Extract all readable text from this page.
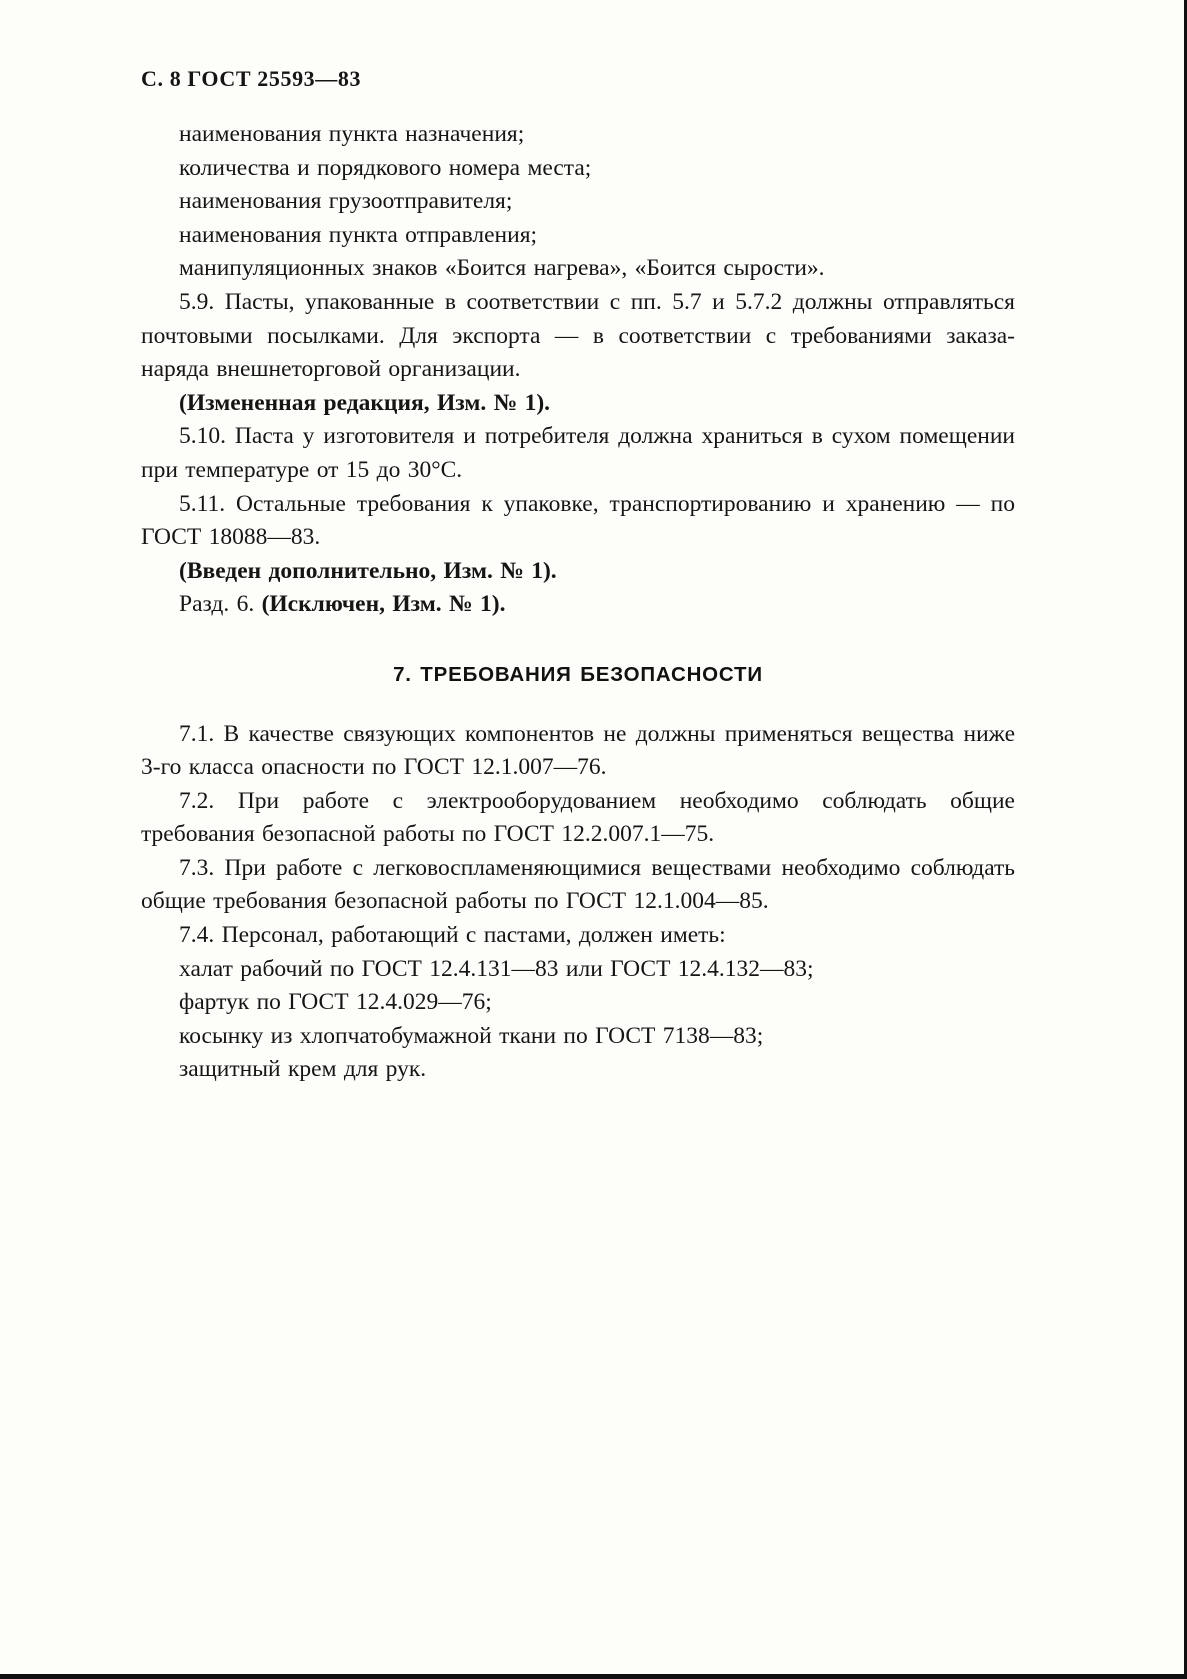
С. 8 ГОСТ 25593—83

наименования пункта назначения;

количества и порядкового номера места;

наименования грузоотправителя;

наименования пункта отправления;

манипуляционных знаков «Боится нагрева», «Боится сырости».

5.9. Пасты, упакованные в соответствии с пп. 5.7 и 5.7.2 должны отправляться почтовыми посылками. Для экспорта — в соответствии с требованиями заказа-наряда внешнеторговой организации.

(Измененная редакция, Изм. № 1).

5.10. Паста у изготовителя и потребителя должна храниться в сухом помещении при температуре от 15 до 30°С.

5.11. Остальные требования к упаковке, транспортированию и хранению — по ГОСТ 18088—83.

(Введен дополнительно, Изм. № 1).

Разд. 6. (Исключен, Изм. № 1).

7. ТРЕБОВАНИЯ БЕЗОПАСНОСТИ

7.1. В качестве связующих компонентов не должны применяться вещества ниже 3-го класса опасности по ГОСТ 12.1.007—76.

7.2. При работе с электрооборудованием необходимо соблюдать общие требования безопасной работы по ГОСТ 12.2.007.1—75.

7.3. При работе с легковоспламеняющимися веществами необходимо соблюдать общие требования безопасной работы по ГОСТ 12.1.004—85.

7.4. Персонал, работающий с пастами, должен иметь:

халат рабочий по ГОСТ 12.4.131—83 или ГОСТ 12.4.132—83;

фартук по ГОСТ 12.4.029—76;

косынку из хлопчатобумажной ткани по ГОСТ 7138—83;

защитный крем для рук.
